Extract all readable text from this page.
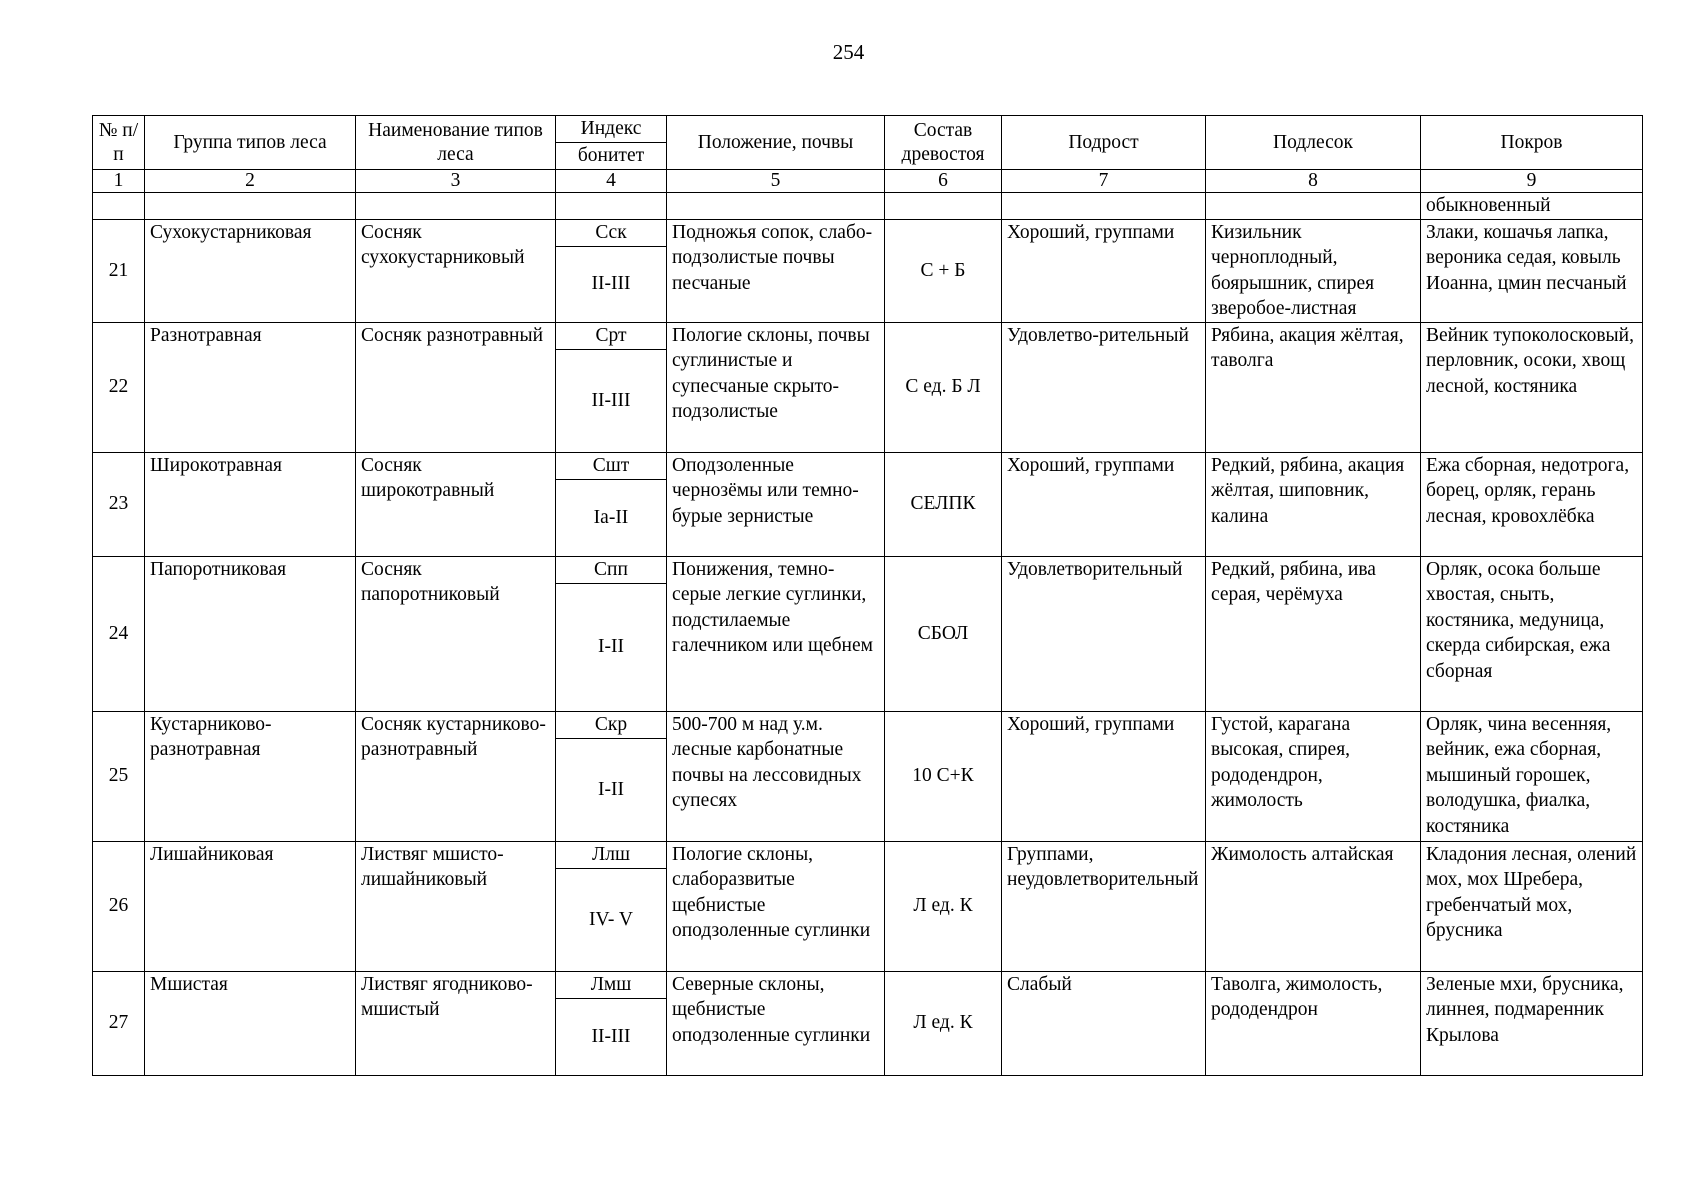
254
№ п/п	Группа типов леса	Наименование типов леса	Индекс	Положение, почвы	Состав древостоя	Подрост	Подлесок	Покров
			бонитет					
1	2	3	4	5	6	7	8	9
								обыкновенный
21	Сухокустарниковая	Сосняк сухокустарниковый	Сск	Подножья сопок, слабо-подзолистые почвы песчаные	С + Б	Хороший, группами	Кизильник черноплодный, боярышник, спирея зверобое-листная	Злаки, кошачья лапка, вероника седая, ковыль Иоанна, цмин песчаный
			II-III					
22	Разнотравная	Сосняк разнотравный	Срт	Пологие склоны, почвы суглинистые и супесчаные скрыто-подзолистые	С ед. Б Л	Удовлетво-рительный	Рябина, акация жёлтая, таволга	Вейник тупоколосковый, перловник, осоки, хвощ лесной, костяника
			II-III					
23	Широкотравная	Сосняк широкотравный	Сшт	Оподзоленные чернозёмы или темно-бурые зернистые	СЕЛПК	Хороший, группами	Редкий, рябина, акация жёлтая, шиповник, калина	Ежа сборная, недотрога, борец, орляк, герань лесная, кровохлёбка
			Ia-II					
24	Папоротниковая	Сосняк папоротниковый	Спп	Понижения, темно-серые легкие суглинки, подстилаемые галечником или щебнем	СБОЛ	Удовлетворительный	Редкий, рябина, ива серая, черёмуха	Орляк, осока больше хвостая, сныть, костяника, медуница, скерда сибирская, ежа сборная
			I-II					
25	Кустарниково-разнотравная	Сосняк кустарниково-разнотравный	Скр	500-700 м над у.м. лесные карбонатные почвы на лессовидных супесях	10 С+К	Хороший, группами	Густой, карагана высокая, спирея, рододендрон, жимолость	Орляк, чина весенняя, вейник, ежа сборная, мышиный горошек, володушка, фиалка, костяника
			I-II					
26	Лишайниковая	Листвяг мшисто-лишайниковый	Ллш	Пологие склоны, слаборазвитые щебнистые оподзоленные суглинки	Л ед. К	Группами, неудовлетворительный	Жимолость алтайская	Кладония лесная, олений мох, мох Шребера, гребенчатый мох, брусника
			IV- V					
27	Мшистая	Листвяг ягодниково-мшистый	Лмш	Северные склоны, щебнистые оподзоленные суглинки	Л ед. К	Слабый	Таволга, жимолость, рододендрон	Зеленые мхи, брусника, линнея, подмаренник Крылова
			II-III					
